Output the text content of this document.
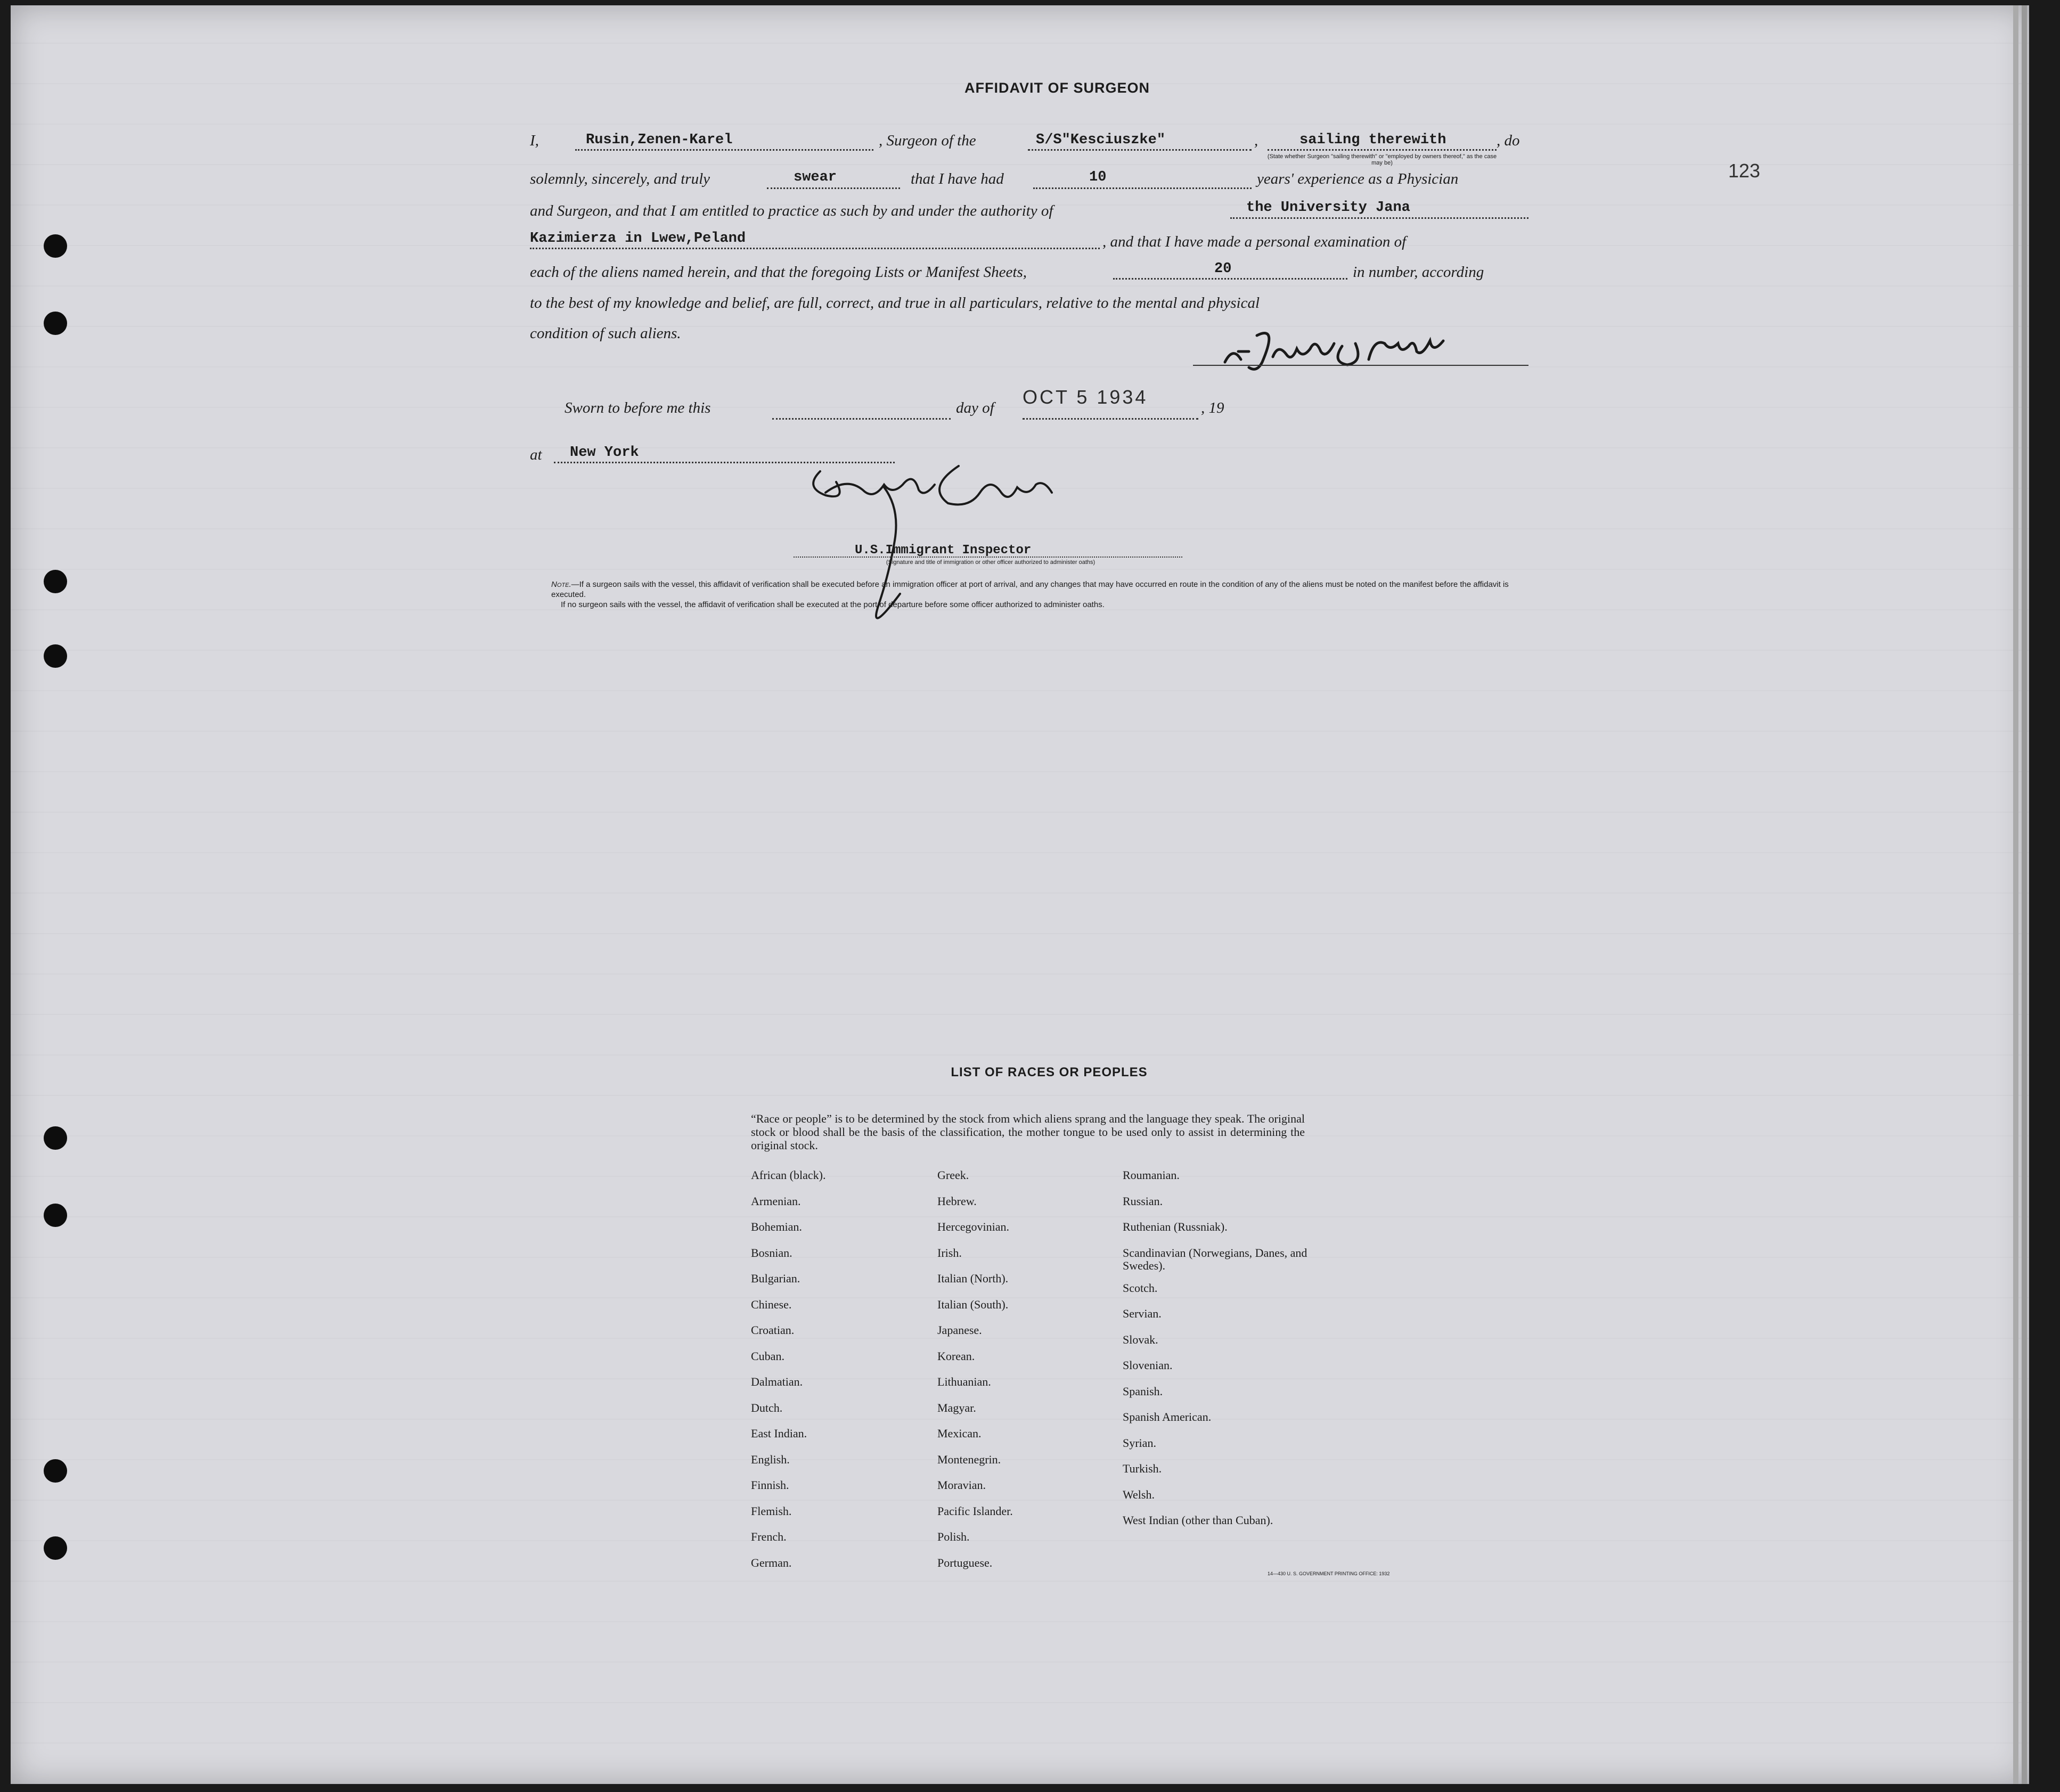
123
AFFIDAVIT OF SURGEON
I,	Rusin,Zenen-Karel	, Surgeon of the	S/S"Kesciuszke"	,	sailing therewith	, do
(State whether Surgeon "sailing therewith" or "employed by owners thereof," as the case may be)
solemnly, sincerely, and truly	swear	that I have had	10	years' experience as a Physician
and Surgeon, and that I am entitled to practice as such by and under the authority of	the University Jana
Kazimierza in Lwew,Peland	, and that I have made a personal examination of
each of the aliens named herein, and that the foregoing Lists or Manifest Sheets,	20	in number, according
to the best of my knowledge and belief, are full, correct, and true in all particulars, relative to the mental and physical
condition of such aliens.
Sworn to before me this	day of OCT 5 1934	, 19
at New York
U.S.Immigrant Inspector
(Signature and title of immigration or other officer authorized to administer oaths)

Note.—If a surgeon sails with the vessel, this affidavit of verification shall be executed before an immigration officer at port of arrival, and any changes that may have occurred en route in the condition of any of the aliens must be noted on the manifest before the affidavit is executed.

If no surgeon sails with the vessel, the affidavit of verification shall be executed at the port of departure before some officer authorized to administer oaths.

LIST OF RACES OR PEOPLES
“Race or people” is to be determined by the stock from which aliens sprang and the language they speak. The original stock or blood shall be the basis of the classification, the mother tongue to be used only to assist in determining the original stock.
African (black).
Armenian.
Bohemian.
Bosnian.
Bulgarian.
Chinese.
Croatian.
Cuban.
Dalmatian.
Dutch.
East Indian.
English.
Finnish.
Flemish.
French.
German.
Greek.
Hebrew.
Hercegovinian.
Irish.
Italian (North).
Italian (South).
Japanese.
Korean.
Lithuanian.
Magyar.
Mexican.
Montenegrin.
Moravian.
Pacific Islander.
Polish.
Portuguese.
Roumanian.
Russian.
Ruthenian (Russniak).
Scandinavian (Norwegians, Danes, and Swedes).
Scotch.
Servian.
Slovak.
Slovenian.
Spanish.
Spanish American.
Syrian.
Turkish.
Welsh.
West Indian (other than Cuban).
14—430 U. S. GOVERNMENT PRINTING OFFICE: 1932
